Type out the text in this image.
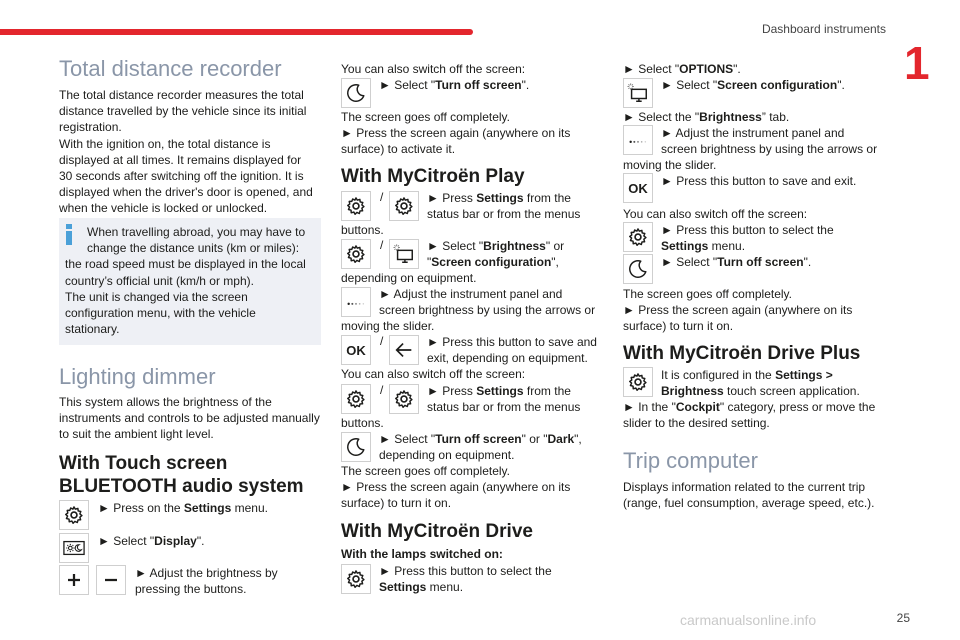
Dashboard instruments
1
25
carmanualsonline.info
Total distance recorder
The total distance recorder measures the total
distance travelled by the vehicle since its initial
registration.
With the ignition on, the total distance is
displayed at all times. It remains displayed for
30 seconds after switching off the ignition. It is
displayed when the driver's door is opened, and
when the vehicle is locked or unlocked.
When travelling abroad, you may have to
change the distance units (km or miles):
the road speed must be displayed in the local
country’s official unit (km/h or mph).
The unit is changed via the screen
configuration menu, with the vehicle
stationary.
Lighting dimmer
This system allows the brightness of the
instruments and controls to be adjusted manually
to suit the ambient light level.
With Touch screen
BLUETOOTH audio system
► Press on the Settings menu.
► Select "Display".
► Adjust the brightness by
pressing the buttons.
You can also switch off the screen:
► Select "Turn off screen".
The screen goes off completely.
► Press the screen again (anywhere on its
surface) to activate it.
With MyCitroën Play
/	► Press Settings from the
status bar or from the menus
buttons.
/	► Select "Brightness" or
"Screen configuration",
depending on equipment.
► Adjust the instrument panel and
screen brightness by using the arrows or
moving the slider.
OK
/	► Press this button to save and
exit, depending on equipment.
You can also switch off the screen:
/	► Press Settings from the
status bar or from the menus
buttons.
► Select "Turn off screen" or "Dark",
depending on equipment.
The screen goes off completely.
► Press the screen again (anywhere on its
surface) to turn it on.
With MyCitroën Drive
With the lamps switched on:
► Press this button to select the
Settings menu.
► Select "OPTIONS".
► Select "Screen configuration".
► Select the "Brightness” tab.
► Adjust the instrument panel and
screen brightness by using the arrows or
moving the slider.
OK ► Press this button to save and exit.
You can also switch off the screen:
► Press this button to select the
Settings menu.
► Select "Turn off screen".
The screen goes off completely.
► Press the screen again (anywhere on its
surface) to turn it on.
With MyCitroën Drive Plus
It is configured in the Settings >
Brightness touch screen application.
► In the "Cockpit" category, press or move the
slider to the desired setting.
Trip computer
Displays information related to the current trip
(range, fuel consumption, average speed, etc.).
